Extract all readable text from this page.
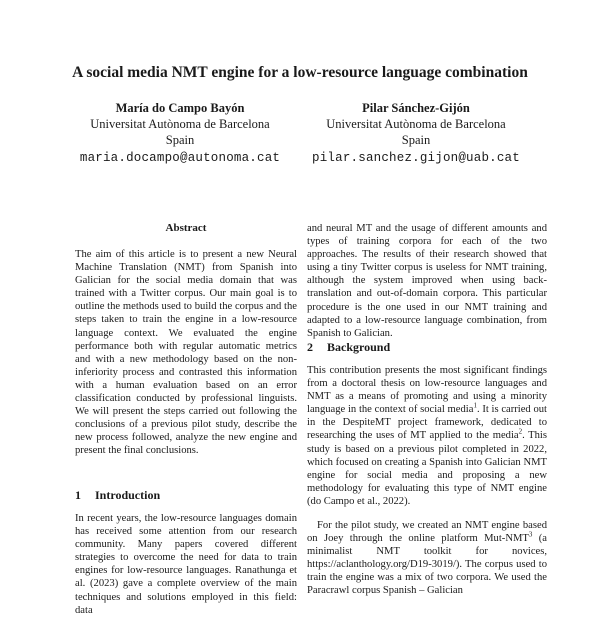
A social media NMT engine for a low-resource language combination
María do Campo Bayón
Universitat Autònoma de Barcelona
Spain
maria.docampo@autonoma.cat
Pilar Sánchez-Gijón
Universitat Autònoma de Barcelona
Spain
pilar.sanchez.gijon@uab.cat
Abstract
The aim of this article is to present a new Neural Machine Translation (NMT) from Spanish into Galician for the social media domain that was trained with a Twitter corpus. Our main goal is to outline the methods used to build the corpus and the steps taken to train the engine in a low-resource language context. We evaluated the engine performance both with regular automatic metrics and with a new methodology based on the non-inferiority process and contrasted this information with a human evaluation based on an error classification conducted by professional linguists. We will present the steps carried out following the conclusions of a previous pilot study, describe the new process followed, analyze the new engine and present the final conclusions.
1 Introduction
In recent years, the low-resource languages domain has received some attention from our research community. Many papers covered different strategies to overcome the need for data to train engines for low-resource languages. Ranathunga et al. (2023) gave a complete overview of the main techniques and solutions employed in this field: data
and neural MT and the usage of different amounts and types of training corpora for each of the two approaches. The results of their research showed that using a tiny Twitter corpus is useless for NMT training, although the system improved when using back-translation and out-of-domain corpora. This particular procedure is the one used in our NMT training and adapted to a low-resource language combination, from Spanish to Galician.
2 Background
This contribution presents the most significant findings from a doctoral thesis on low-resource languages and NMT as a means of promoting and using a minority language in the context of social media$^1$. It is carried out in the DespiteMT project framework, dedicated to researching the uses of MT applied to the media$^2$. This study is based on a previous pilot completed in 2022, which focused on creating a Spanish into Galician NMT engine for social media and proposing a new methodology for evaluating this type of NMT engine (do Campo et al., 2022).
For the pilot study, we created an NMT engine based on Joey through the online platform Mut-NMT$^3$ (a minimalist NMT toolkit for novices, https://aclanthology.org/D19-3019/). The corpus used to train the engine was a mix of two corpora. We used the Paracrawl corpus Spanish – Galician
